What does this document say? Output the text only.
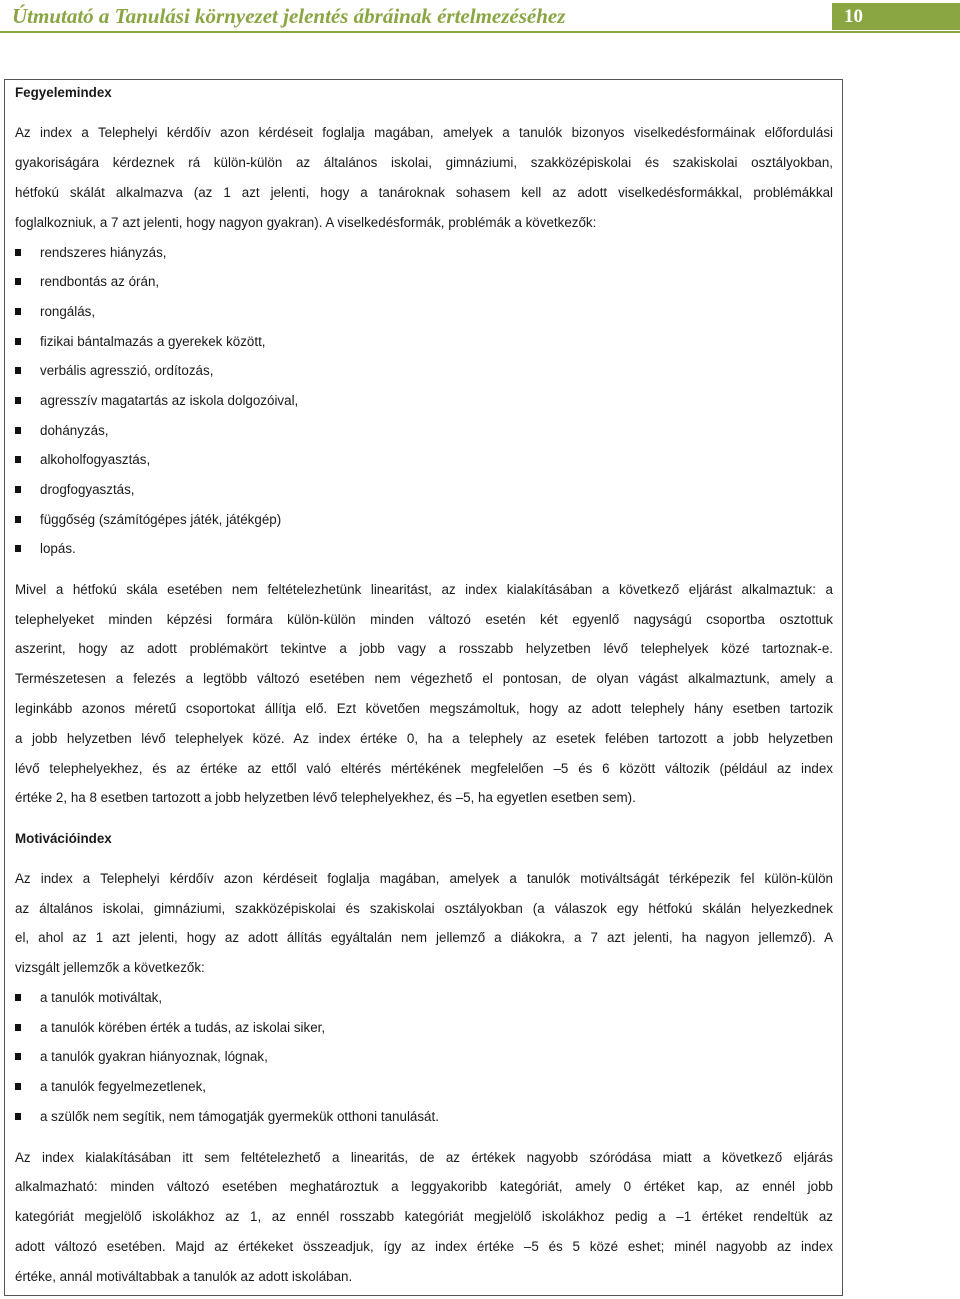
Útmutató a Tanulási környezet jelentés ábráinak értelmezéséhez	10
Fegyelemindex
Az index a Telephelyi kérdőív azon kérdéseit foglalja magában, amelyek a tanulók bizonyos viselkedésformáinak előfordulási
gyakoriságára kérdeznek rá külön-külön az általános iskolai, gimnáziumi, szakközépiskolai és szakiskolai osztályokban,
hétfokú skálát alkalmazva (az 1 azt jelenti, hogy a tanároknak sohasem kell az adott viselkedésformákkal, problémákkal
foglalkozniuk, a 7 azt jelenti, hogy nagyon gyakran). A viselkedésformák, problémák a következők:
rendszeres hiányzás,
rendbontás az órán,
rongálás,
fizikai bántalmazás a gyerekek között,
verbális agresszió, ordítozás,
agresszív magatartás az iskola dolgozóival,
dohányzás,
alkoholfogyasztás,
drogfogyasztás,
függőség (számítógépes játék, játékgép)
lopás.
Mivel a hétfokú skála esetében nem feltételezhetünk linearitást, az index kialakításában a következő eljárást alkalmaztuk: a
telephelyeket minden képzési formára külön-külön minden változó esetén két egyenlő nagyságú csoportba osztottuk
aszerint, hogy az adott problémakört tekintve a jobb vagy a rosszabb helyzetben lévő telephelyek közé tartoznak-e.
Természetesen a felezés a legtöbb változó esetében nem végezhető el pontosan, de olyan vágást alkalmaztunk, amely a
leginkább azonos méretű csoportokat állítja elő. Ezt követően megszámoltuk, hogy az adott telephely hány esetben tartozik
a jobb helyzetben lévő telephelyek közé. Az index értéke 0, ha a telephely az esetek felében tartozott a jobb helyzetben
lévő telephelyekhez, és az értéke az ettől való eltérés mértékének megfelelően –5 és 6 között változik (például az index
értéke 2, ha 8 esetben tartozott a jobb helyzetben lévő telephelyekhez, és –5, ha egyetlen esetben sem).
Motivációindex
Az index a Telephelyi kérdőív azon kérdéseit foglalja magában, amelyek a tanulók motiváltságát térképezik fel külön-külön
az általános iskolai, gimnáziumi, szakközépiskolai és szakiskolai osztályokban (a válaszok egy hétfokú skálán helyezkednek
el, ahol az 1 azt jelenti, hogy az adott állítás egyáltalán nem jellemző a diákokra, a 7 azt jelenti, ha nagyon jellemző). A
vizsgált jellemzők a következők:
a tanulók motiváltak,
a tanulók körében érték a tudás, az iskolai siker,
a tanulók gyakran hiányoznak, lógnak,
a tanulók fegyelmezetlenek,
a szülők nem segítik, nem támogatják gyermekük otthoni tanulását.
Az index kialakításában itt sem feltételezhető a linearitás, de az értékek nagyobb szóródása miatt a következő eljárás
alkalmazható: minden változó esetében meghatároztuk a leggyakoribb kategóriát, amely 0 értéket kap, az ennél jobb
kategóriát megjelölő iskolákhoz az 1, az ennél rosszabb kategóriát megjelölő iskolákhoz pedig a –1 értéket rendeltük az
adott változó esetében. Majd az értékeket összeadjuk, így az index értéke –5 és 5 közé eshet; minél nagyobb az index
értéke, annál motiváltabbak a tanulók az adott iskolában.
